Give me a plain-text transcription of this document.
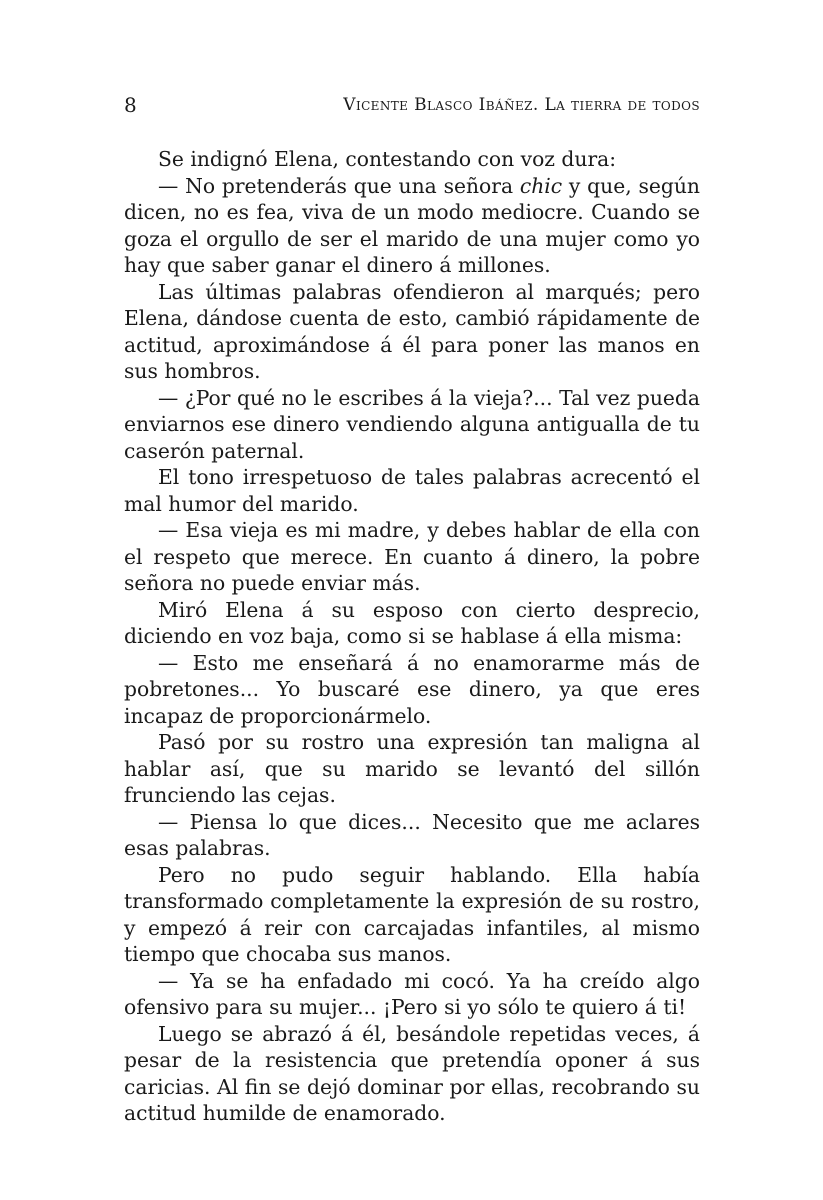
8	Vicente Blasco Ibáñez. La tierra de todos

Se indignó Elena, contestando con voz dura:

— No pretenderás que una señora chic y que, según dicen, no es fea, viva de un modo mediocre. Cuando se goza el orgullo de ser el marido de una mujer como yo hay que saber ganar el dinero á millones.

Las últimas palabras ofendieron al marqués; pero Elena, dándose cuenta de esto, cambió rápidamente de actitud, aproximándose á él para poner las manos en sus hombros.

— ¿Por qué no le escribes á la vieja?... Tal vez pueda enviarnos ese dinero vendiendo alguna antigualla de tu caserón paternal.

El tono irrespetuoso de tales palabras acrecentó el mal humor del marido.

— Esa vieja es mi madre, y debes hablar de ella con el respeto que merece. En cuanto á dinero, la pobre señora no puede enviar más.

Miró Elena á su esposo con cierto desprecio, diciendo en voz baja, como si se hablase á ella misma:

— Esto me enseñará á no enamorarme más de pobretones... Yo buscaré ese dinero, ya que eres incapaz de proporcionármelo.

Pasó por su rostro una expresión tan maligna al hablar así, que su marido se levantó del sillón frunciendo las cejas.

— Piensa lo que dices... Necesito que me aclares esas palabras.

Pero no pudo seguir hablando. Ella había transformado completamente la expresión de su rostro, y empezó á reir con carcajadas infantiles, al mismo tiempo que chocaba sus manos.

— Ya se ha enfadado mi cocó. Ya ha creído algo ofensivo para su mujer... ¡Pero si yo sólo te quiero á ti!

Luego se abrazó á él, besándole repetidas veces, á pesar de la resistencia que pretendía oponer á sus caricias. Al fin se dejó dominar por ellas, recobrando su actitud humilde de enamorado.
